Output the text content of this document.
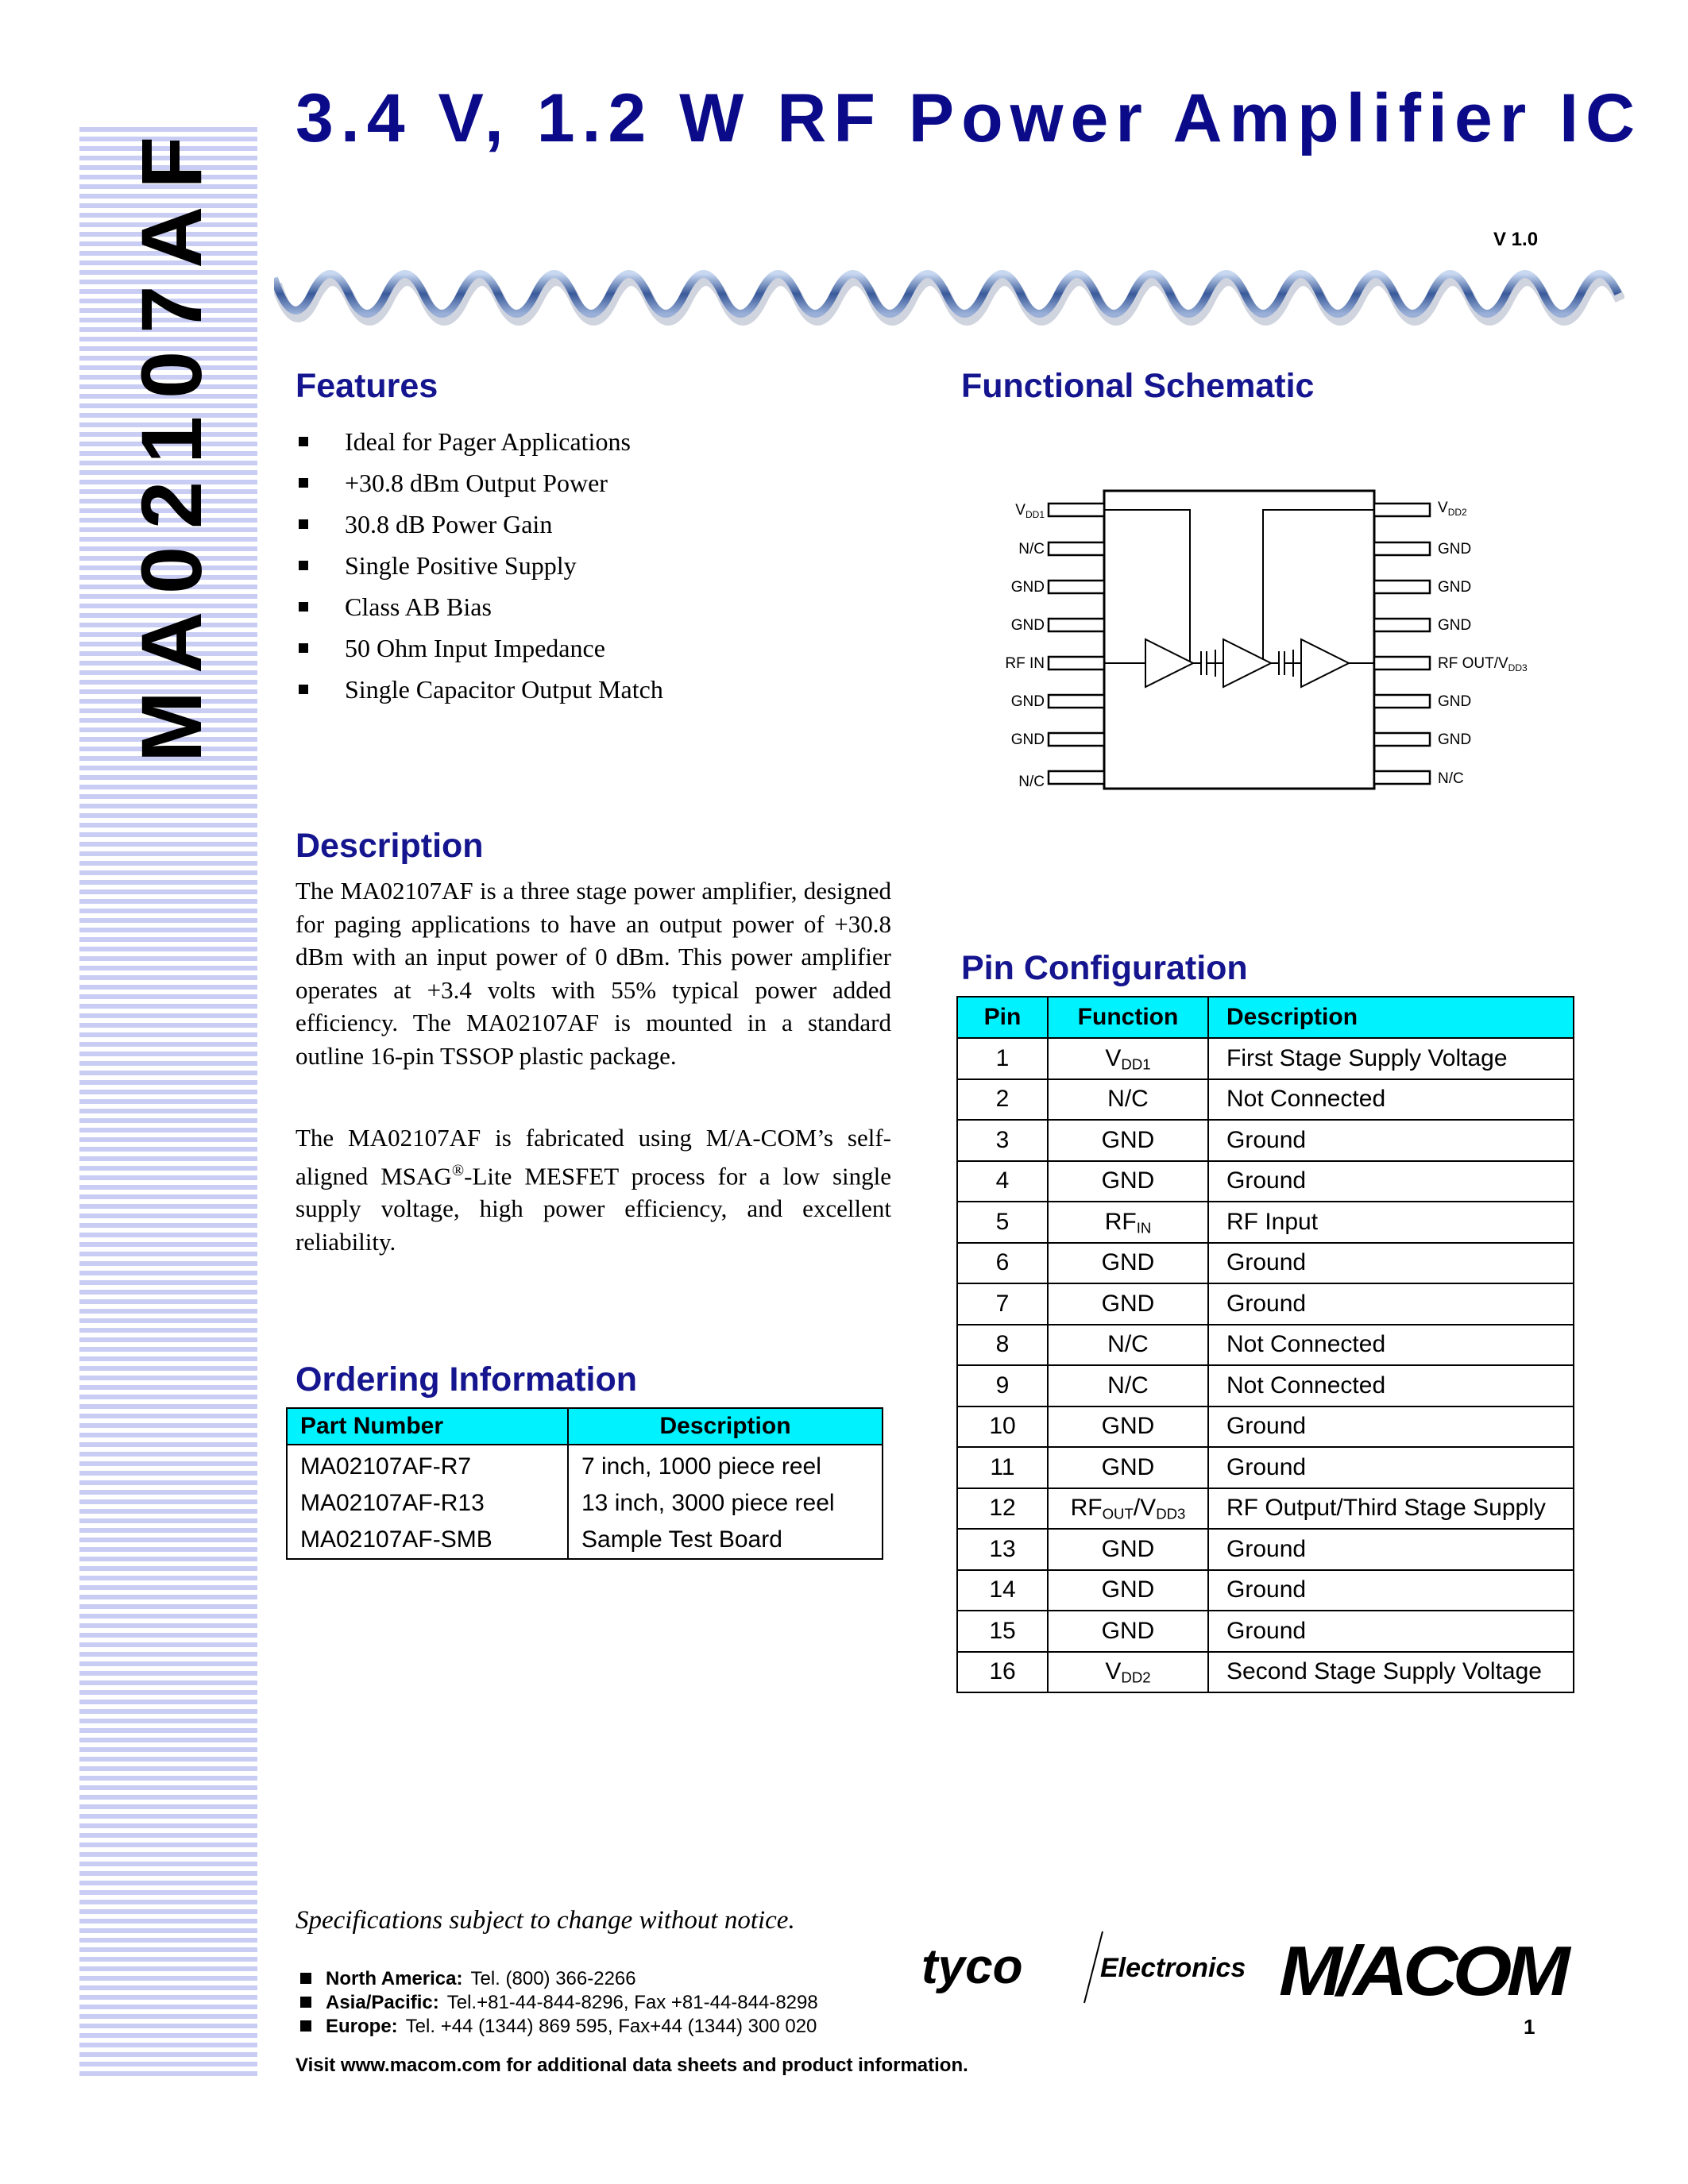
MA02107AF
3.4 V, 1.2 W RF Power Amplifier IC
V 1.0
Features
Ideal for Pager Applications
+30.8 dBm Output Power
30.8 dB Power Gain
Single Positive Supply
Class AB Bias
50 Ohm Input Impedance
Single Capacitor Output Match
Functional Schematic
$V_{DD1}$
N/C
GND
GND
RF IN
GND
GND
N/C
$V_{DD2}$
GND
GND
GND
RF OUT/$V_{DD3}$
GND
GND
N/C
Description

The MA02107AF is a three stage power amplifier, designed for paging applications to have an output power of +30.8 dBm with an input power of 0 dBm. This power amplifier operates at +3.4 volts with 55% typical power added efficiency. The MA02107AF is mounted in a standard outline 16-pin TSSOP plastic package.

The MA02107AF is fabricated using M/A-COM’s self-aligned MSAG®-Lite MESFET process for a low single supply voltage, high power efficiency, and excellent reliability.

Ordering Information
Part Number	Description
MA02107AF-R7	7 inch, 1000 piece reel
MA02107AF-R13	13 inch, 3000 piece reel
MA02107AF-SMB	Sample Test Board
Pin Configuration
Pin	Function	Description
1	$V_{DD1}$	First Stage Supply Voltage
2	N/C	Not Connected
3	GND	Ground
4	GND	Ground
5	$RF_{IN}$	RF Input
6	GND	Ground
7	GND	Ground
8	N/C	Not Connected
9	N/C	Not Connected
10	GND	Ground
11	GND	Ground
12	$RF_{OUT}/V_{DD3}$	RF Output/Third Stage Supply
13	GND	Ground
14	GND	Ground
15	GND	Ground
16	$V_{DD2}$	Second Stage Supply Voltage
Specifications subject to change without notice.
North America: Tel. (800) 366-2266
Asia/Pacific: Tel.+81-44-844-8296, Fax +81-44-844-8298
Europe: Tel. +44 (1344) 869 595, Fax+44 (1344) 300 020	1
Visit www.macom.com for additional data sheets and product information.
tyco	Electronics M/ACOM
